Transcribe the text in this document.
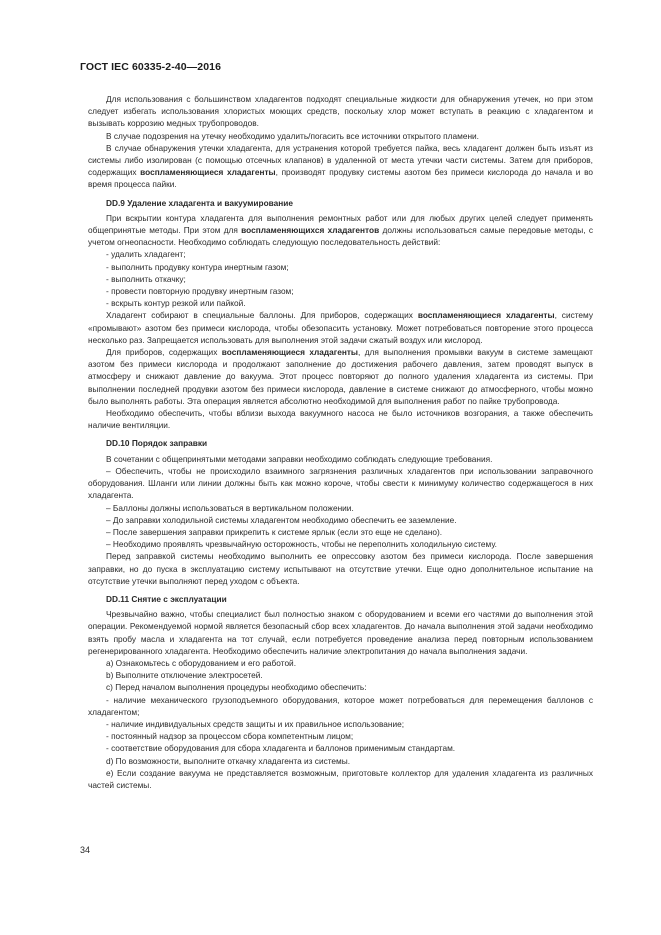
ГОСТ IEC 60335-2-40—2016

Для использования с большинством хладагентов подходят специальные жидкости для обнаружения утечек, но при этом следует избегать использования хлористых моющих средств, поскольку хлор может вступать в реакцию с хладагентом и вызывать коррозию медных трубопроводов.

В случае подозрения на утечку необходимо удалить/погасить все источники открытого пламени.

В случае обнаружения утечки хладагента, для устранения которой требуется пайка, весь хладагент должен быть изъят из системы либо изолирован (с помощью отсечных клапанов) в удаленной от места утечки части системы. Затем для приборов, содержащих воспламеняющиеся хладагенты, производят продувку системы азотом без примеси кислорода до начала и во время процесса пайки.

DD.9 Удаление хладагента и вакуумирование

При вскрытии контура хладагента для выполнения ремонтных работ или для любых других целей следует применять общепринятые методы. При этом для воспламеняющихся хладагентов должны использоваться самые передовые методы, с учетом огнеопасности. Необходимо соблюдать следующую последовательность действий:

- удалить хладагент;
- выполнить продувку контура инертным газом;
- выполнить откачку;
- провести повторную продувку инертным газом;
- вскрыть контур резкой или пайкой.

Хладагент собирают в специальные баллоны. Для приборов, содержащих воспламеняющиеся хладагенты, систему «промывают» азотом без примеси кислорода, чтобы обезопасить установку. Может потребоваться повторение этого процесса несколько раз. Запрещается использовать для выполнения этой задачи сжатый воздух или кислород.

Для приборов, содержащих воспламеняющиеся хладагенты, для выполнения промывки вакуум в системе замещают азотом без примеси кислорода и продолжают заполнение до достижения рабочего давления, затем проводят выпуск в атмосферу и снижают давление до вакуума. Этот процесс повторяют до полного удаления хладагента из системы. При выполнении последней продувки азотом без примеси кислорода, давление в системе снижают до атмосферного, чтобы можно было выполнять работы. Эта операция является абсолютно необходимой для выполнения работ по пайке трубопровода.

Необходимо обеспечить, чтобы вблизи выхода вакуумного насоса не было источников возгорания, а также обеспечить наличие вентиляции.

DD.10 Порядок заправки

В сочетании с общепринятыми методами заправки необходимо соблюдать следующие требования.

– Обеспечить, чтобы не происходило взаимного загрязнения различных хладагентов при использовании заправочного оборудования. Шланги или линии должны быть как можно короче, чтобы свести к минимуму количество содержащегося в них хладагента.

– Баллоны должны использоваться в вертикальном положении.
– До заправки холодильной системы хладагентом необходимо обеспечить ее заземление.
– После завершения заправки прикрепить к системе ярлык (если это еще не сделано).
– Необходимо проявлять чрезвычайную осторожность, чтобы не переполнить холодильную систему.

Перед заправкой системы необходимо выполнить ее опрессовку азотом без примеси кислорода. После завершения заправки, но до пуска в эксплуатацию систему испытывают на отсутствие утечки. Еще одно дополнительное испытание на отсутствие утечки выполняют перед уходом с объекта.

DD.11 Снятие с эксплуатации

Чрезвычайно важно, чтобы специалист был полностью знаком с оборудованием и всеми его частями до выполнения этой операции. Рекомендуемой нормой является безопасный сбор всех хладагентов. До начала выполнения этой задачи необходимо взять пробу масла и хладагента на тот случай, если потребуется проведение анализа перед повторным использованием регенерированного хладагента. Необходимо обеспечить наличие электропитания до начала выполнения задачи.

a) Ознакомьтесь с оборудованием и его работой.
b) Выполните отключение электросетей.
c) Перед началом выполнения процедуры необходимо обеспечить:

- наличие механического грузоподъемного оборудования, которое может потребоваться для перемещения баллонов с хладагентом;

- наличие индивидуальных средств защиты и их правильное использование;
- постоянный надзор за процессом сбора компетентным лицом;
- соответствие оборудования для сбора хладагента и баллонов применимым стандартам.
d) По возможности, выполните откачку хладагента из системы.

e) Если создание вакуума не представляется возможным, приготовьте коллектор для удаления хладагента из различных частей системы.

34
